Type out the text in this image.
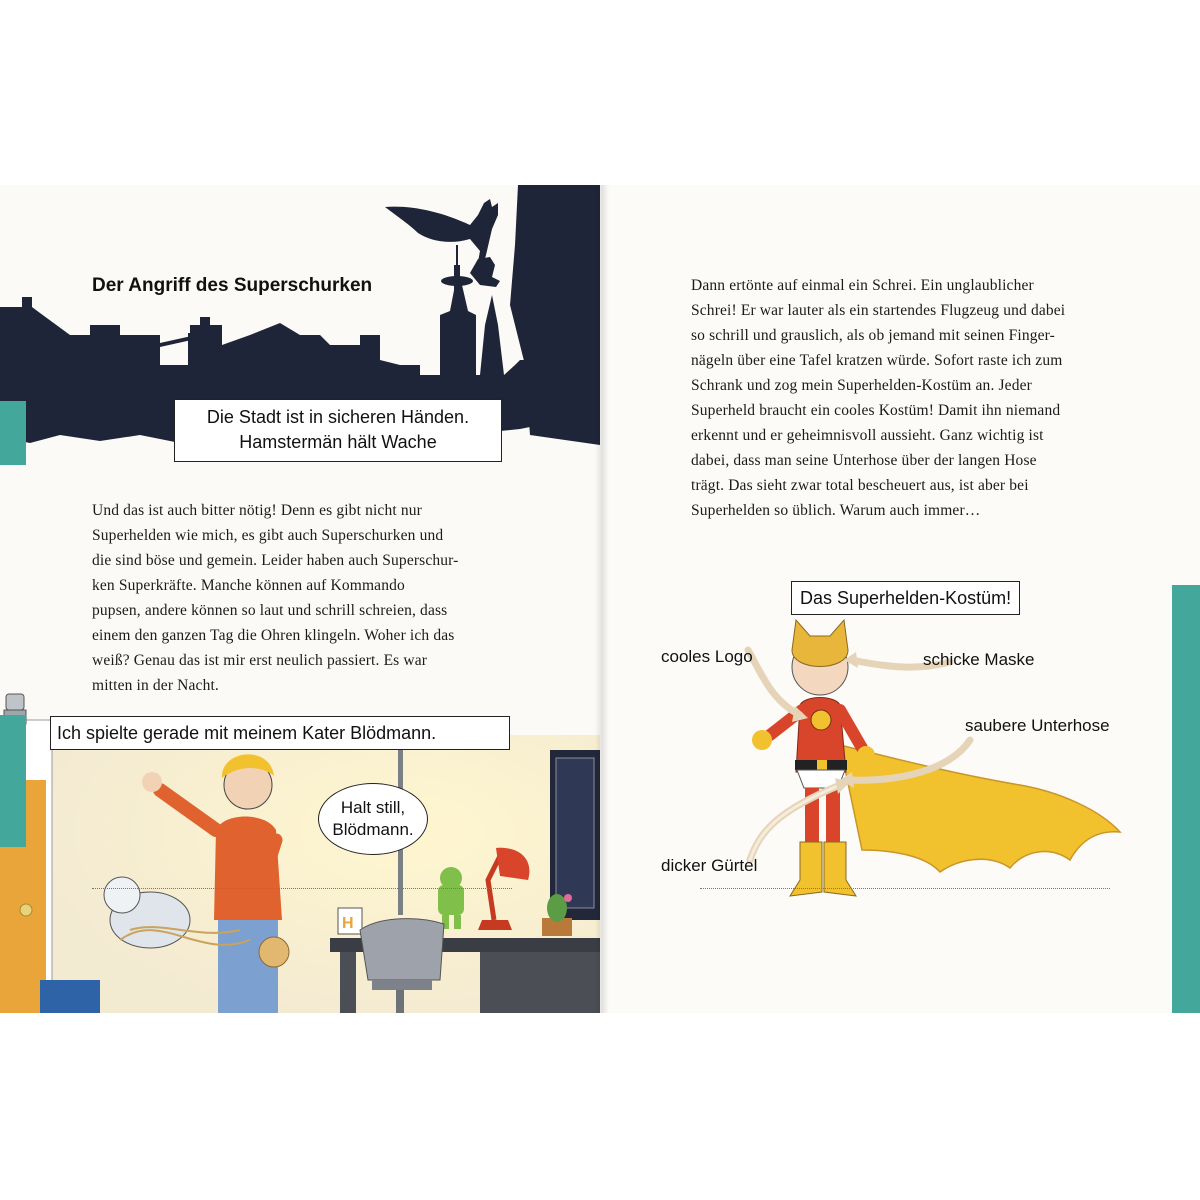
Der Angriff des Superschurken
Die Stadt ist in sicheren Händen.
Hamstermän hält Wache

Und das ist auch bitter nötig! Denn es gibt nicht nur

Superhelden wie mich, es gibt auch Superschurken und

die sind böse und gemein. Leider haben auch Superschur-

ken Superkräfte. Manche können auf Kommando

pupsen, andere können so laut und schrill schreien, dass

einem den ganzen Tag die Ohren klingeln. Woher ich das

weiß? Genau das ist mir erst neulich passiert. Es war

mitten in der Nacht.

H
Ich spielte gerade mit meinem Kater Blödmann.
Halt still,
Blödmann.

Dann ertönte auf einmal ein Schrei. Ein unglaublicher

Schrei! Er war lauter als ein startendes Flugzeug und dabei

so schrill und grauslich, als ob jemand mit seinen Finger-

nägeln über eine Tafel kratzen würde. Sofort raste ich zum

Schrank und zog mein Superhelden-Kostüm an. Jeder

Superheld braucht ein cooles Kostüm! Damit ihn niemand

erkennt und er geheimnisvoll aussieht. Ganz wichtig ist

dabei, dass man seine Unterhose über der langen Hose

trägt. Das sieht zwar total bescheuert aus, ist aber bei

Superhelden so üblich. Warum auch immer…

Das Superhelden-Kostüm!
cooles Logo	schicke Maske
saubere Unterhose
dicker Gürtel
